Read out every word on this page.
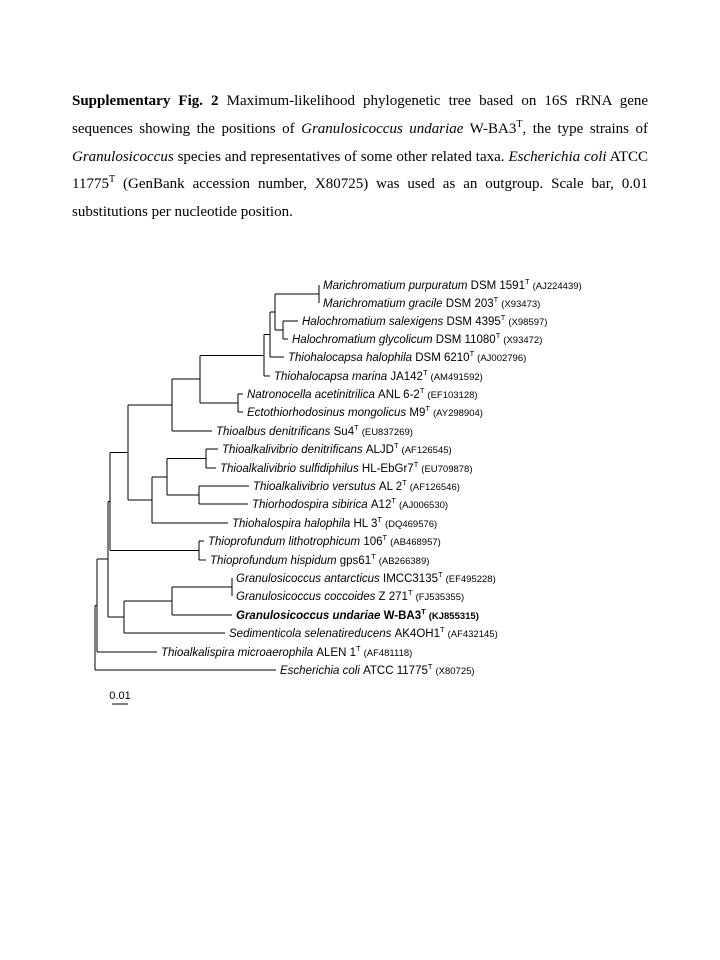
Supplementary Fig. 2 Maximum-likelihood phylogenetic tree based on 16S rRNA gene sequences showing the positions of Granulosicoccus undariae $W-BA3^T$, the type strains of Granulosicoccus species and representatives of some other related taxa. Escherichia coli ATCC $11775^T$ (GenBank accession number, X80725) was used as an outgroup. Scale bar, 0.01 substitutions per nucleotide position.
Marichromatium purpuratum DSM $1591^T$ $_{(AJ224439)}$
Marichromatium gracile DSM $203^T$ $_{(X93473)}$
Halochromatium salexigens DSM $4395^T$ $_{(X98597)}$
Halochromatium glycolicum DSM $11080^T$ $_{(X93472)}$
Thiohalocapsa halophila DSM $6210^T$ $_{(AJ002796)}$
Thiohalocapsa marina $JA142^T$ $_{(AM491592)}$
Natronocella acetinitrilica ANL $6-2^T$ $_{(EF103128)}$
Ectothiorhodosinus mongolicus $M9^T$ $_{(AY298904)}$
Thioalbus denitrificans $Su4^T$ $_{(EU837269)}$
Thioalkalivibrio denitrificans $ALJD^T$ $_{(AF126545)}$
Thioalkalivibrio sulfidiphilus $HL-EbGr7^T$ $_{(EU709878)}$
Thioalkalivibrio versutus AL $2^T$ $_{(AF126546)}$
Thiorhodospira sibirica $A12^T$ $_{(AJ006530)}$
Thiohalospira halophila HL $3^T$ $_{(DQ469576)}$
Thioprofundum lithotrophicum $106^T$ $_{(AB468957)}$
Thioprofundum hispidum $gps61^T$ $_{(AB266389)}$
Granulosicoccus antarcticus $IMCC3135^T$ $_{(EF495228)}$
Granulosicoccus coccoides Z $271^T$ $_{(FJ535355)}$
Granulosicoccus undariae $W-BA3^T$ $_{(KJ855315)}$
Sedimenticola selenatireducens $AK4OH1^T$ $_{(AF432145)}$
Thioalkalispira microaerophila ALEN $1^T$ $_{(AF481118)}$
Escherichia coli ATCC $11775^T$ $_{(X80725)}$
0.01
